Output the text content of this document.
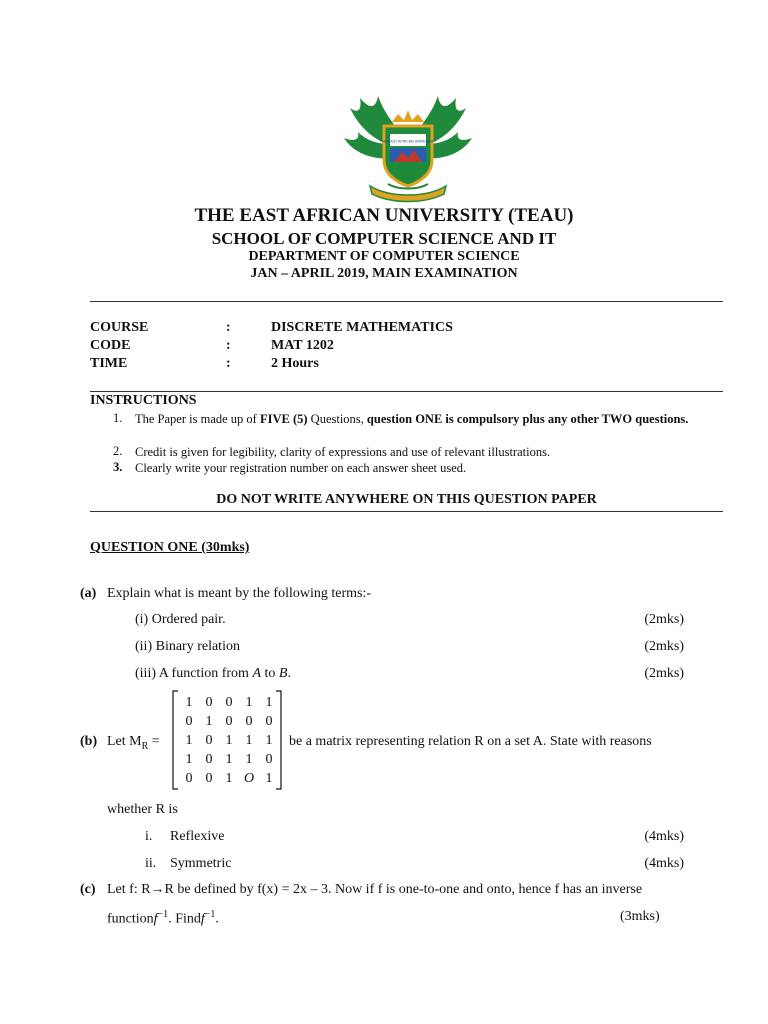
THE EAST AFRICAN UNIVERSITY
THE EAST AFRICAN UNIVERSITY (TEAU)
SCHOOL OF COMPUTER SCIENCE AND IT
DEPARTMENT OF COMPUTER SCIENCE
JAN – APRIL 2019, MAIN EXAMINATION
COURSE	:	DISCRETE MATHEMATICS
CODE	:	MAT 1202
TIME	:	2 Hours
INSTRUCTIONS
1. The Paper is made up of FIVE (5) Questions, question ONE is compulsory plus any other TWO questions.
2. Credit is given for legibility, clarity of expressions and use of relevant illustrations.
3. Clearly write your registration number on each answer sheet used.
DO NOT WRITE ANYWHERE ON THIS QUESTION PAPER
QUESTION ONE (30mks)
(a) Explain what is meant by the following terms:-
(i) Ordered pair.	(2mks)
(ii) Binary relation	(2mks)
(iii) A function from A to B.	(2mks)
(b) Let $M_R$ =
1	0	0	1	1
0	1	0	0	0
1	0	1	1	1
1	0	1	1	0
0	0	1	O	1
be a matrix representing relation R on a set A. State with reasons
whether R is
i. Reflexive	(4mks)
ii. Symmetric	(4mks)
(c) Let f: R→R be defined by f(x) = 2x – 3. Now if f is one-to-one and onto, hence f has an inverse
functionf$^{-1}$. Findf$^{-1}$.	(3mks)
